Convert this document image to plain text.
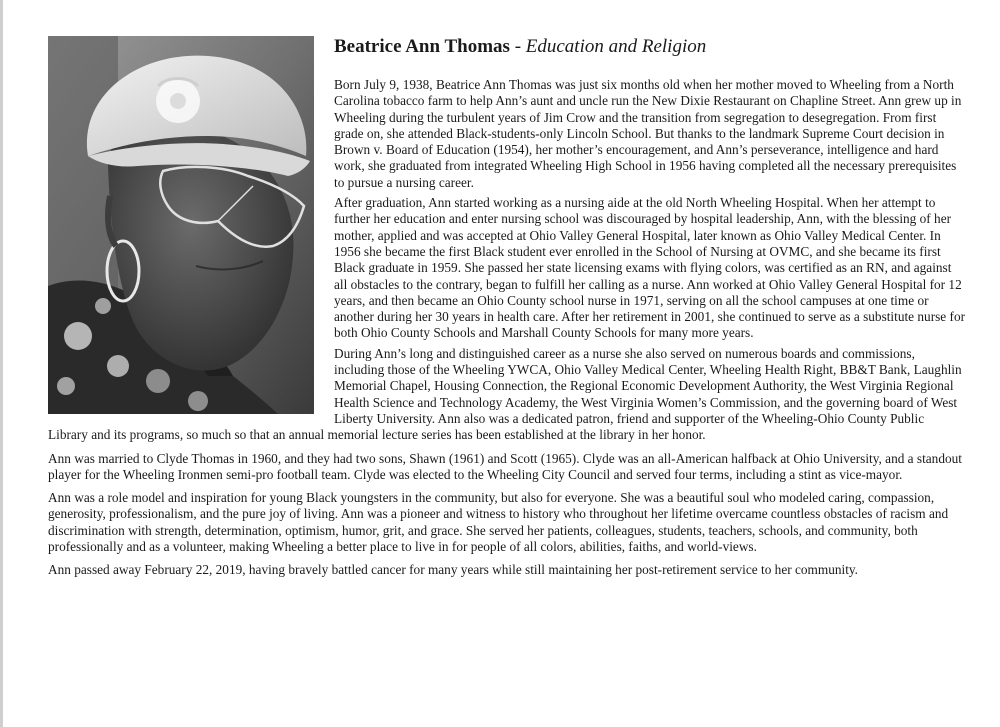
Beatrice Ann Thomas - Education and Religion

Born July 9, 1938, Beatrice Ann Thomas was just six months old when her mother moved to Wheeling from a North Carolina tobacco farm to help Ann’s aunt and uncle run the New Dixie Restaurant on Chapline Street. Ann grew up in Wheeling during the turbulent years of Jim Crow and the transition from segregation to desegregation. From first grade on, she attended Black-students-only Lincoln School. But thanks to the landmark Supreme Court decision in Brown v. Board of Education (1954), her mother’s encouragement, and Ann’s perseverance, intelligence and hard work, she graduated from integrated Wheeling High School in 1956 having completed all the necessary prerequisites to pursue a nursing career.

After graduation, Ann started working as a nursing aide at the old North Wheeling Hospital. When her attempt to further her education and enter nursing school was discouraged by hospital leadership, Ann, with the blessing of her mother, applied and was accepted at Ohio Valley General Hospital, later known as Ohio Valley Medical Center. In 1956 she became the first Black student ever enrolled in the School of Nursing at OVMC, and she became its first Black graduate in 1959. She passed her state licensing exams with flying colors, was certified as an RN, and against all obstacles to the contrary, began to fulfill her calling as a nurse. Ann worked at Ohio Valley General Hospital for 12 years, and then became an Ohio County school nurse in 1971, serving on all the school campuses at one time or another during her 30 years in health care. After her retirement in 2001, she continued to serve as a substitute nurse for both Ohio County Schools and Marshall County Schools for many more years.

During Ann’s long and distinguished career as a nurse she also served on numerous boards and commissions, including those of the Wheeling YWCA, Ohio Valley Medical Center, Wheeling Health Right, BB&T Bank, Laughlin Memorial Chapel, Housing Connection, the Regional Economic Development Authority, the West Virginia Regional Health Science and Technology Academy, the West Virginia Women’s Commission, and the governing board of West Liberty University. Ann also was a dedicated patron, friend and supporter of the Wheeling-Ohio County Public Library and its programs, so much so that an annual memorial lecture series has been established at the library in her honor.

Ann was married to Clyde Thomas in 1960, and they had two sons, Shawn (1961) and Scott (1965). Clyde was an all-American halfback at Ohio University, and a standout player for the Wheeling Ironmen semi-pro football team. Clyde was elected to the Wheeling City Council and served four terms, including a stint as vice-mayor.

Ann was a role model and inspiration for young Black youngsters in the community, but also for everyone. She was a beautiful soul who modeled caring, compassion, generosity, professionalism, and the pure joy of living. Ann was a pioneer and witness to history who throughout her lifetime overcame countless obstacles of racism and discrimination with strength, determination, optimism, humor, grit, and grace. She served her patients, colleagues, students, teachers, schools, and community, both professionally and as a volunteer, making Wheeling a better place to live in for people of all colors, abilities, faiths, and world-views.

Ann passed away February 22, 2019, having bravely battled cancer for many years while still maintaining her post-retirement service to her community.
